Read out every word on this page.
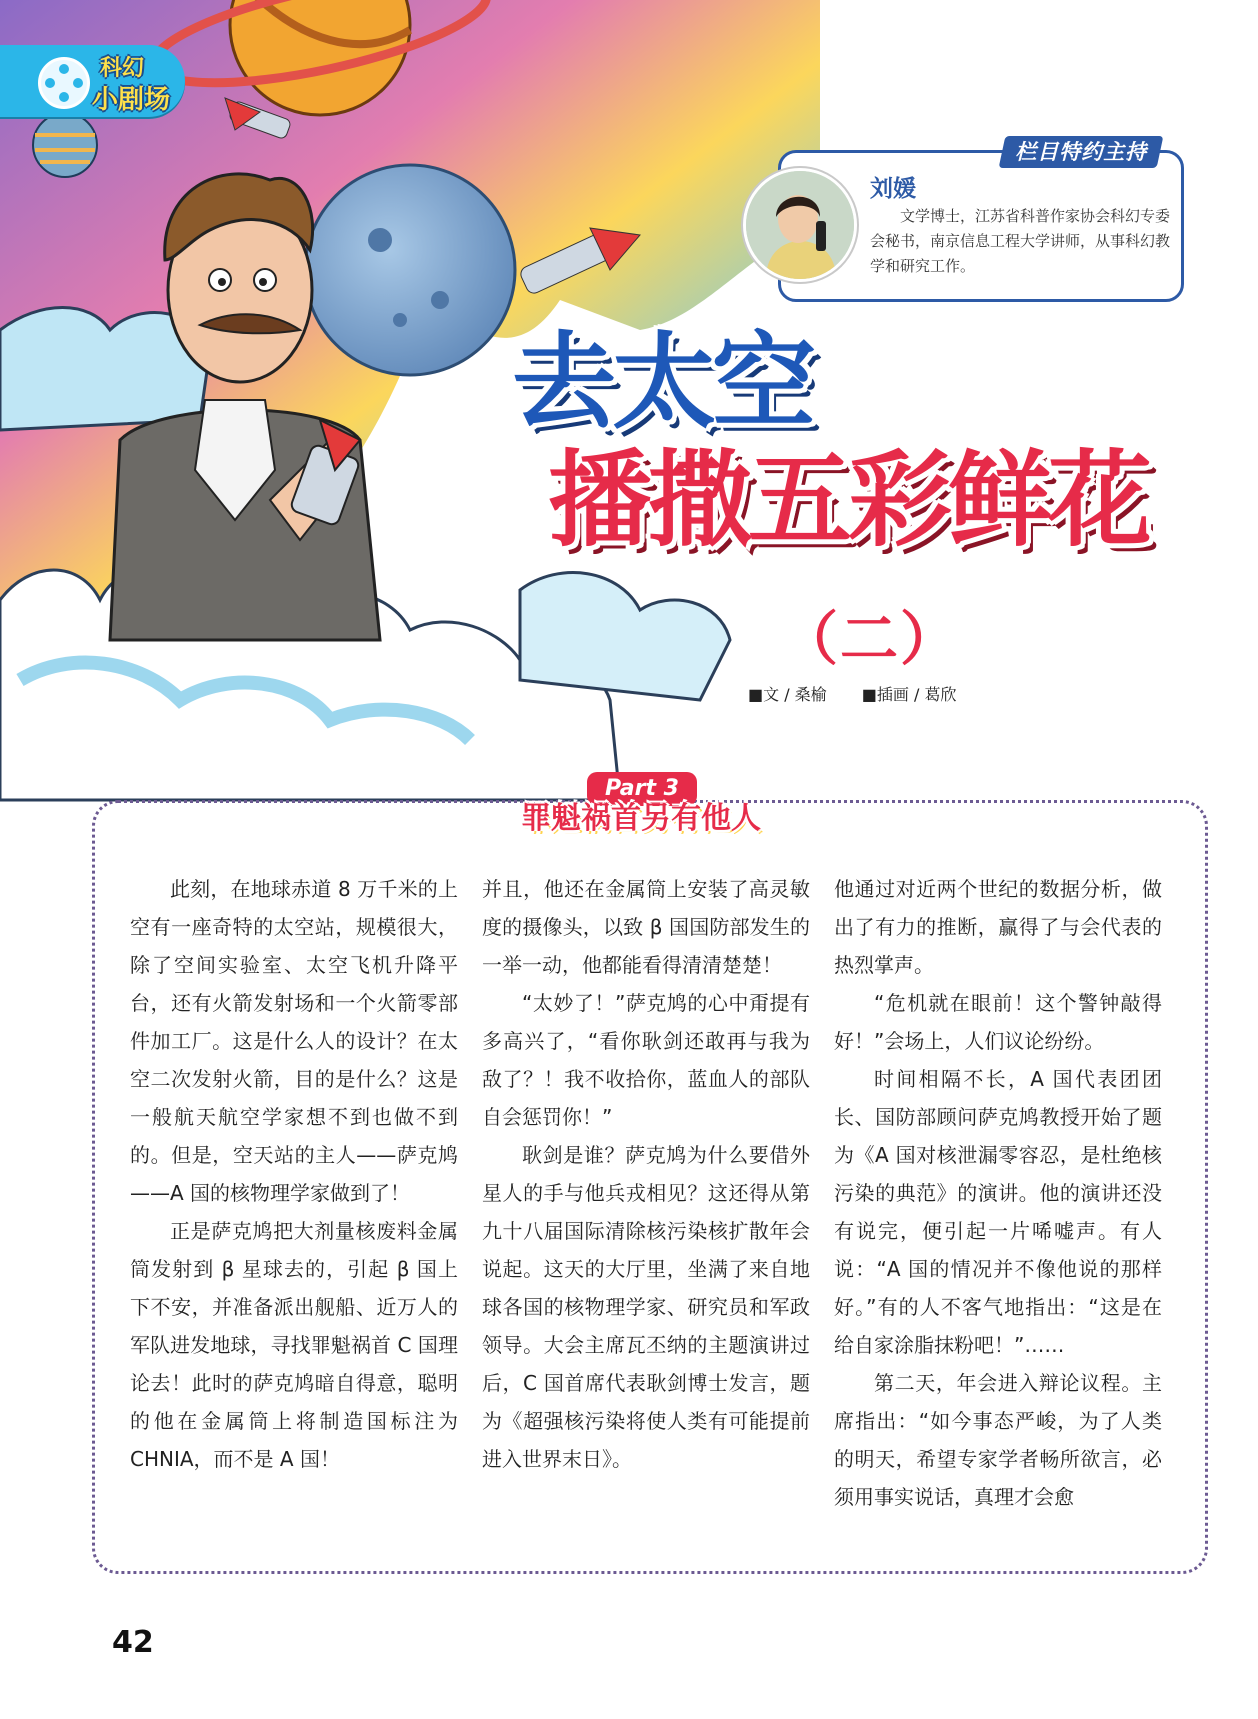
科幻
小剧场
栏目特约主持
刘媛
文学博士，江苏省科普作家协会科幻专委会秘书，南京信息工程大学讲师，从事科幻教学和研究工作。
去太空
播撒五彩鲜花
（二）
■文 / 桑榆 ■插画 / 葛欣
Part 3
罪魁祸首另有他人

此刻，在地球赤道 8 万千米的上空有一座奇特的太空站，规模很大，除了空间实验室、太空飞机升降平台，还有火箭发射场和一个火箭零部件加工厂。这是什么人的设计？在太空二次发射火箭，目的是什么？这是一般航天航空学家想不到也做不到的。但是，空天站的主人——萨克鸠——A 国的核物理学家做到了！

正是萨克鸠把大剂量核废料金属筒发射到 β 星球去的，引起 β 国上下不安，并准备派出舰船、近万人的军队进发地球，寻找罪魁祸首 C 国理论去！此时的萨克鸠暗自得意，聪明的他在金属筒上将制造国标注为 CHNIA，而不是 A 国！

并且，他还在金属筒上安装了高灵敏度的摄像头，以致 β 国国防部发生的一举一动，他都能看得清清楚楚！

“太妙了！”萨克鸠的心中甭提有多高兴了，“看你耿剑还敢再与我为敌了？！我不收拾你，蓝血人的部队自会惩罚你！”

耿剑是谁？萨克鸠为什么要借外星人的手与他兵戎相见？这还得从第九十八届国际清除核污染核扩散年会说起。这天的大厅里，坐满了来自地球各国的核物理学家、研究员和军政领导。大会主席瓦丕纳的主题演讲过后，C 国首席代表耿剑博士发言，题为《超强核污染将使人类有可能提前进入世界末日》。

他通过对近两个世纪的数据分析，做出了有力的推断，赢得了与会代表的热烈掌声。

“危机就在眼前！这个警钟敲得好！”会场上，人们议论纷纷。

时间相隔不长，A 国代表团团长、国防部顾问萨克鸠教授开始了题为《A 国对核泄漏零容忍，是杜绝核污染的典范》的演讲。他的演讲还没有说完，便引起一片唏嘘声。有人说：“A 国的情况并不像他说的那样好。”有的人不客气地指出：“这是在给自家涂脂抹粉吧！”……

第二天，年会进入辩论议程。主席指出：“如今事态严峻，为了人类的明天，希望专家学者畅所欲言，必须用事实说话，真理才会愈

42
